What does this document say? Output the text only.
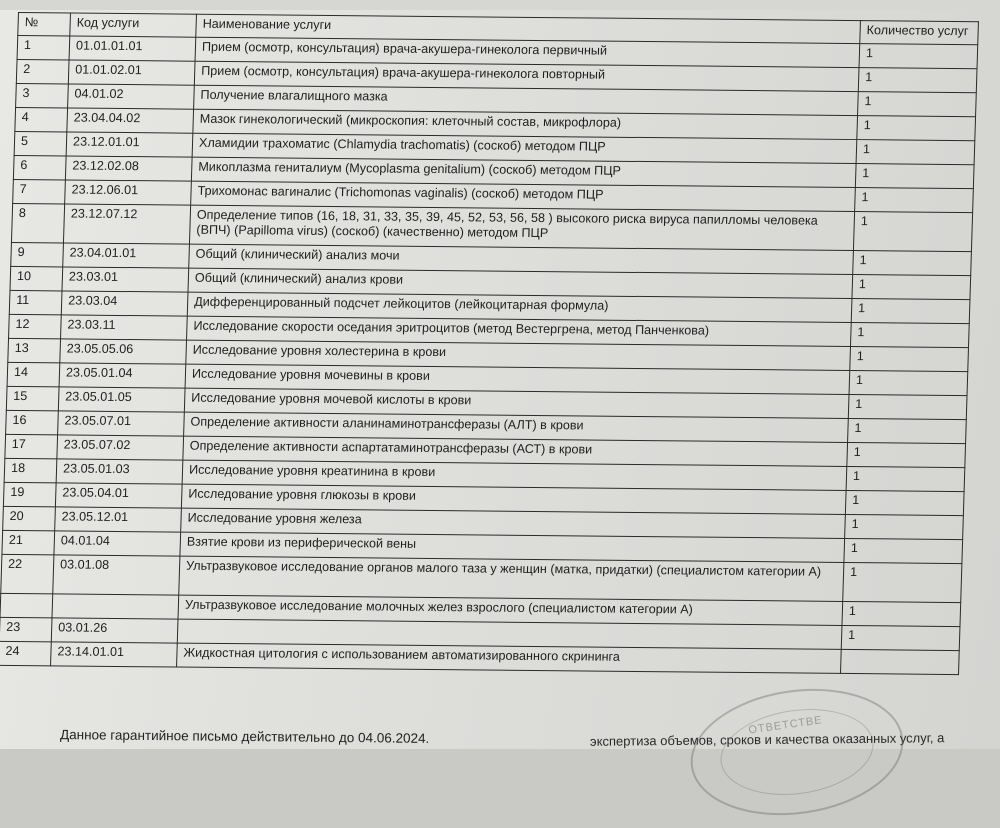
№	Код услуги	Наименование услуги	Количество услуг
1	01.01.01.01	Прием (осмотр, консультация) врача-акушера-гинеколога первичный	1
2	01.01.02.01	Прием (осмотр, консультация) врача-акушера-гинеколога повторный	1
3	04.01.02	Получение влагалищного мазка	1
4	23.04.04.02	Мазок гинекологический (микроскопия: клеточный состав, микрофлора)	1
5	23.12.01.01	Хламидии трахоматис (Chlamydia trachomatis) (соскоб) методом ПЦР	1
6	23.12.02.08	Микоплазма гениталиум (Mycoplasma genitalium) (соскоб) методом ПЦР	1
7	23.12.06.01	Трихомонас вагиналис (Trichomonas vaginalis) (соскоб) методом ПЦР	1
8	23.12.07.12	Определение типов (16, 18, 31, 33, 35, 39, 45, 52, 53, 56, 58 ) высокого риска вируса папилломы человека (ВПЧ) (Papilloma virus) (соскоб) (качественно) методом ПЦР	1
9	23.04.01.01	Общий (клинический) анализ мочи	1
10	23.03.01	Общий (клинический) анализ крови	1
11	23.03.04	Дифференцированный подсчет лейкоцитов (лейкоцитарная формула)	1
12	23.03.11	Исследование скорости оседания эритроцитов (метод Вестергрена, метод Панченкова)	1
13	23.05.05.06	Исследование уровня холестерина в крови	1
14	23.05.01.04	Исследование уровня мочевины в крови	1
15	23.05.01.05	Исследование уровня мочевой кислоты в крови	1
16	23.05.07.01	Определение активности аланинаминотрансферазы (АЛТ) в крови	1
17	23.05.07.02	Определение активности аспартатаминотрансферазы (АСТ) в крови	1
18	23.05.01.03	Исследование уровня креатинина в крови	1
19	23.05.04.01	Исследование уровня глюкозы в крови	1
20	23.05.12.01	Исследование уровня железа	1
21	04.01.04	Взятие крови из периферической вены	1
22	03.01.08	Ультразвуковое исследование органов малого таза у женщин (матка, придатки) (специалистом категории А)	1
		Ультразвуковое исследование молочных желез взрослого (специалистом категории А)	1
23	03.01.26		1
24	23.14.01.01	Жидкостная цитология с использованием автоматизированного скрининга	
Данное гарантийное письмо действительно до 04.06.2024.	экспертиза объемов, сроков и качества оказанных услуг, а
ОТВЕТСТВЕ
